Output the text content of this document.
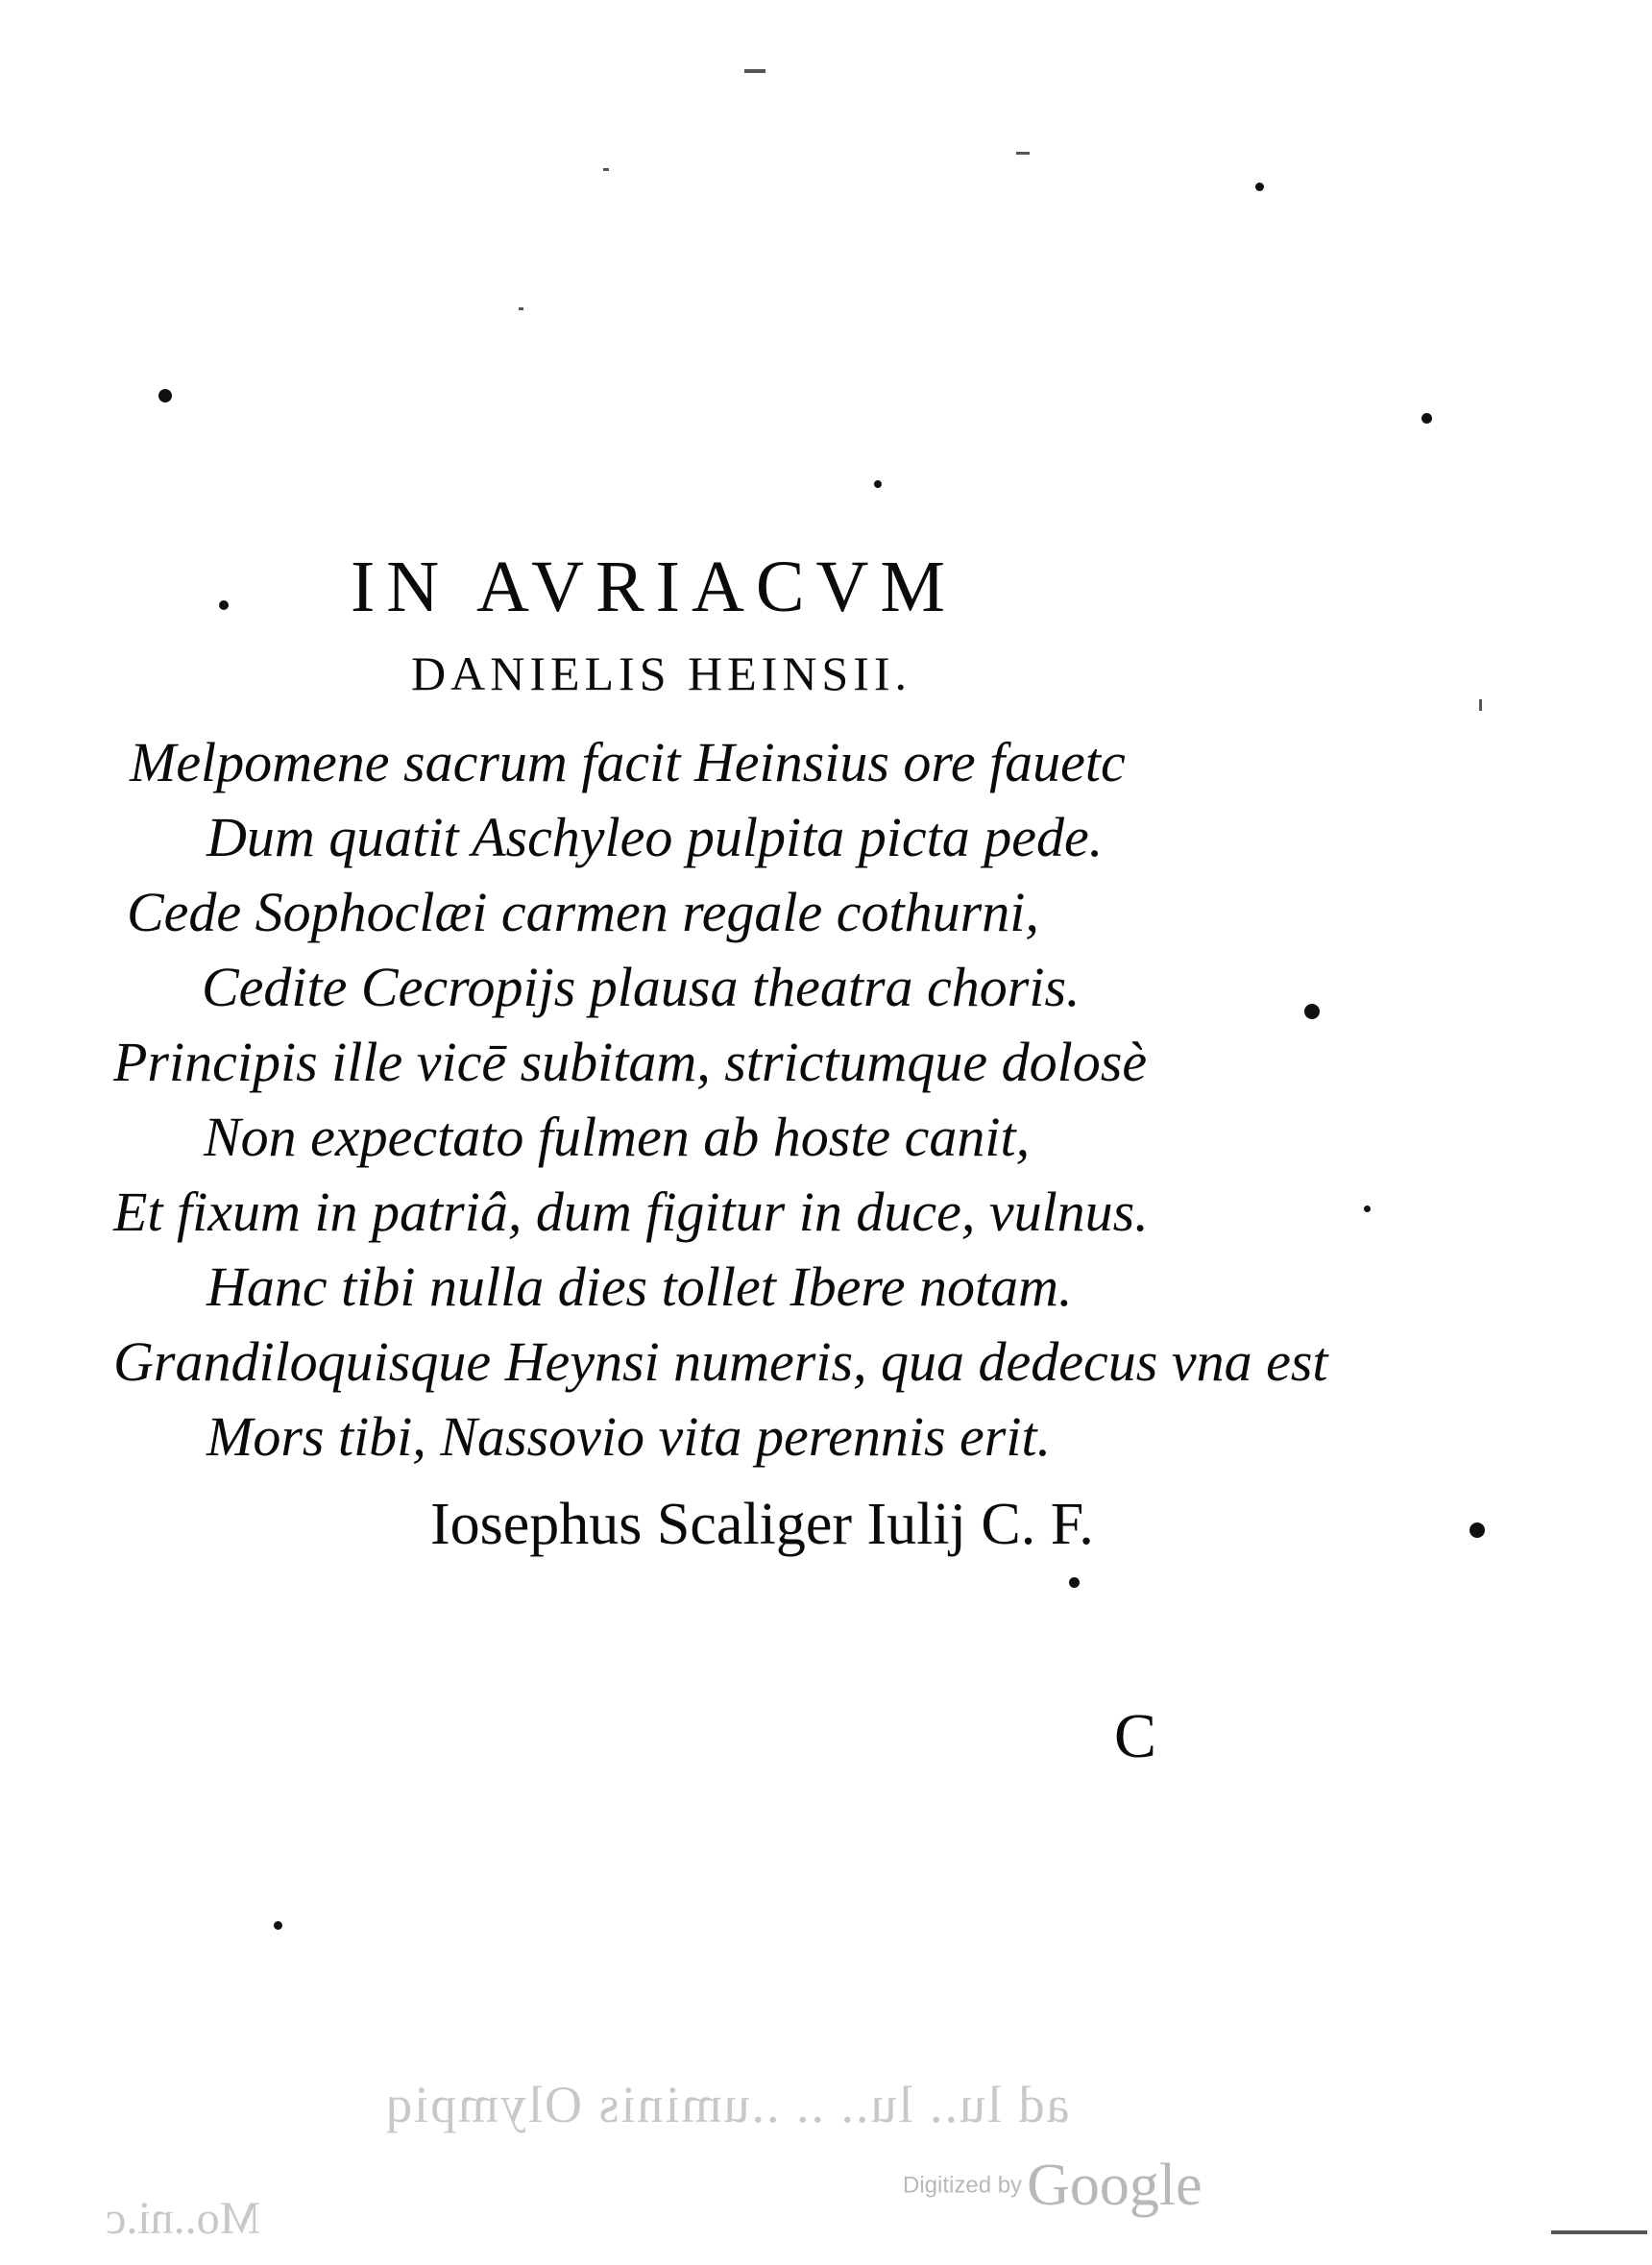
ad lu.. lu.. .. ..uminis Olympiq
Mo..ni.c
IN AVRIACVM
DANIELIS HEINSII.
Melpomene sacrum facit Heinsius ore fauetc
Dum quatit Aschyleo pulpita picta pede.
Cede Sophoclæi carmen regale cothurni,
Cedite Cecropijs plausa theatra choris.
Principis ille vicē subitam, strictumque dolosè
Non expectato fulmen ab hoste canit,
Et fixum in patriâ, dum figitur in duce, vulnus.
Hanc tibi nulla dies tollet Ibere notam.
Grandiloquisque Heynsi numeris, qua dedecus vna est
Mors tibi, Nassovio vita perennis erit.
Iosephus Scaliger Iulij C. F.
C
Digitized by Google
